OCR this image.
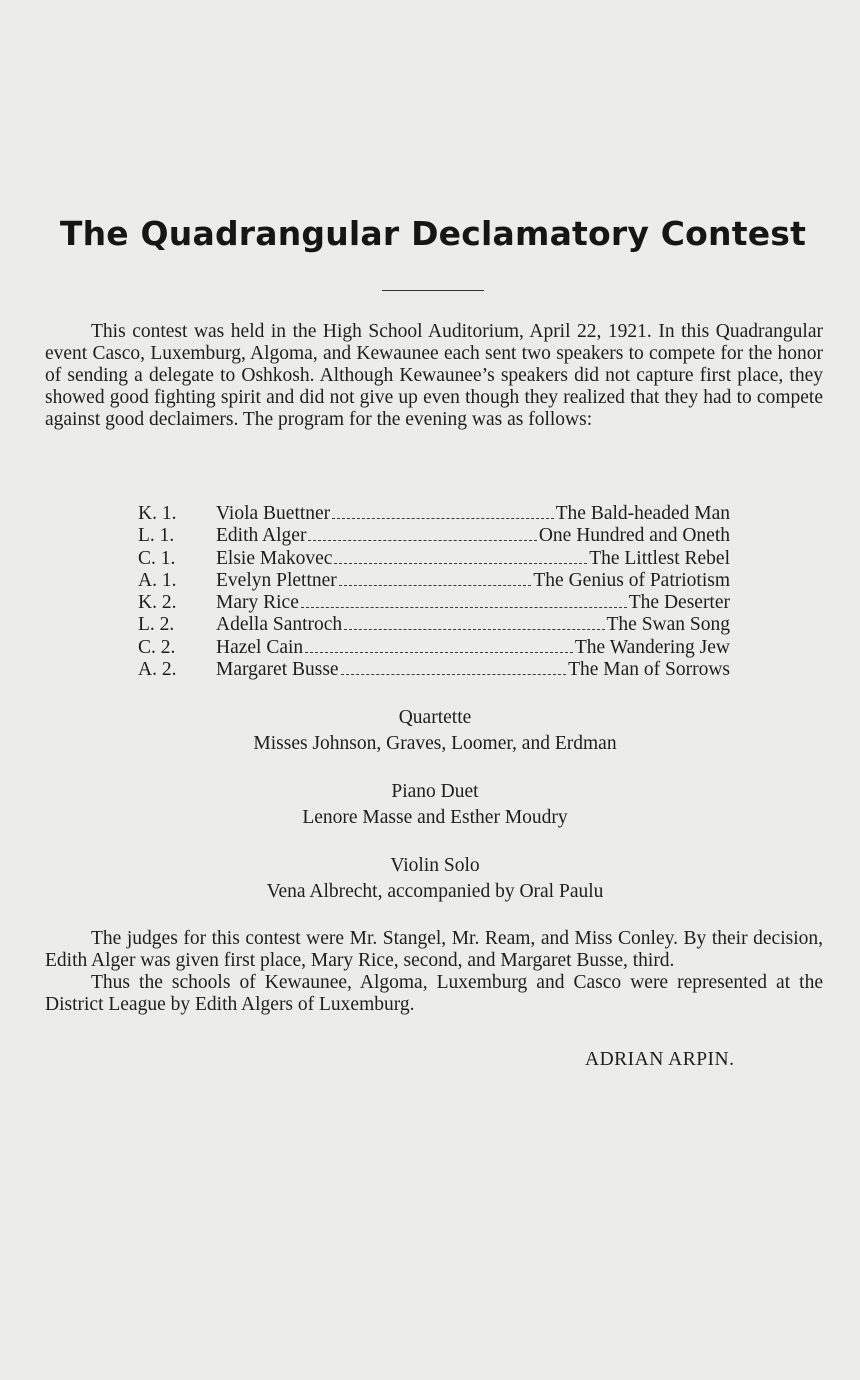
The Quadrangular Declamatory Contest

This contest was held in the High School Auditorium, April 22, 1921. In this Quadrangular event Casco, Luxemburg, Algoma, and Kewaunee each sent two speakers to compete for the honor of sending a delegate to Oshkosh. Although Kewaunee’s speakers did not capture first place, they showed good fighting spirit and did not give up even though they realized that they had to compete against good declaimers. The program for the evening was as follows:

K. 1.	Viola Buettner	The Bald-headed Man
L. 1.	Edith Alger	One Hundred and Oneth
C. 1.	Elsie Makovec	The Littlest Rebel
A. 1.	Evelyn Plettner	The Genius of Patriotism
K. 2.	Mary Rice	The Deserter
L. 2.	Adella Santroch	The Swan Song
C. 2.	Hazel Cain	The Wandering Jew
A. 2.	Margaret Busse	The Man of Sorrows
Quartette
Misses Johnson, Graves, Loomer, and Erdman
Piano Duet
Lenore Masse and Esther Moudry
Violin Solo
Vena Albrecht, accompanied by Oral Paulu

The judges for this contest were Mr. Stangel, Mr. Ream, and Miss Conley. By their decision, Edith Alger was given first place, Mary Rice, second, and Margaret Busse, third.

Thus the schools of Kewaunee, Algoma, Luxemburg and Casco were represented at the District League by Edith Algers of Luxemburg.

ADRIAN ARPIN.
